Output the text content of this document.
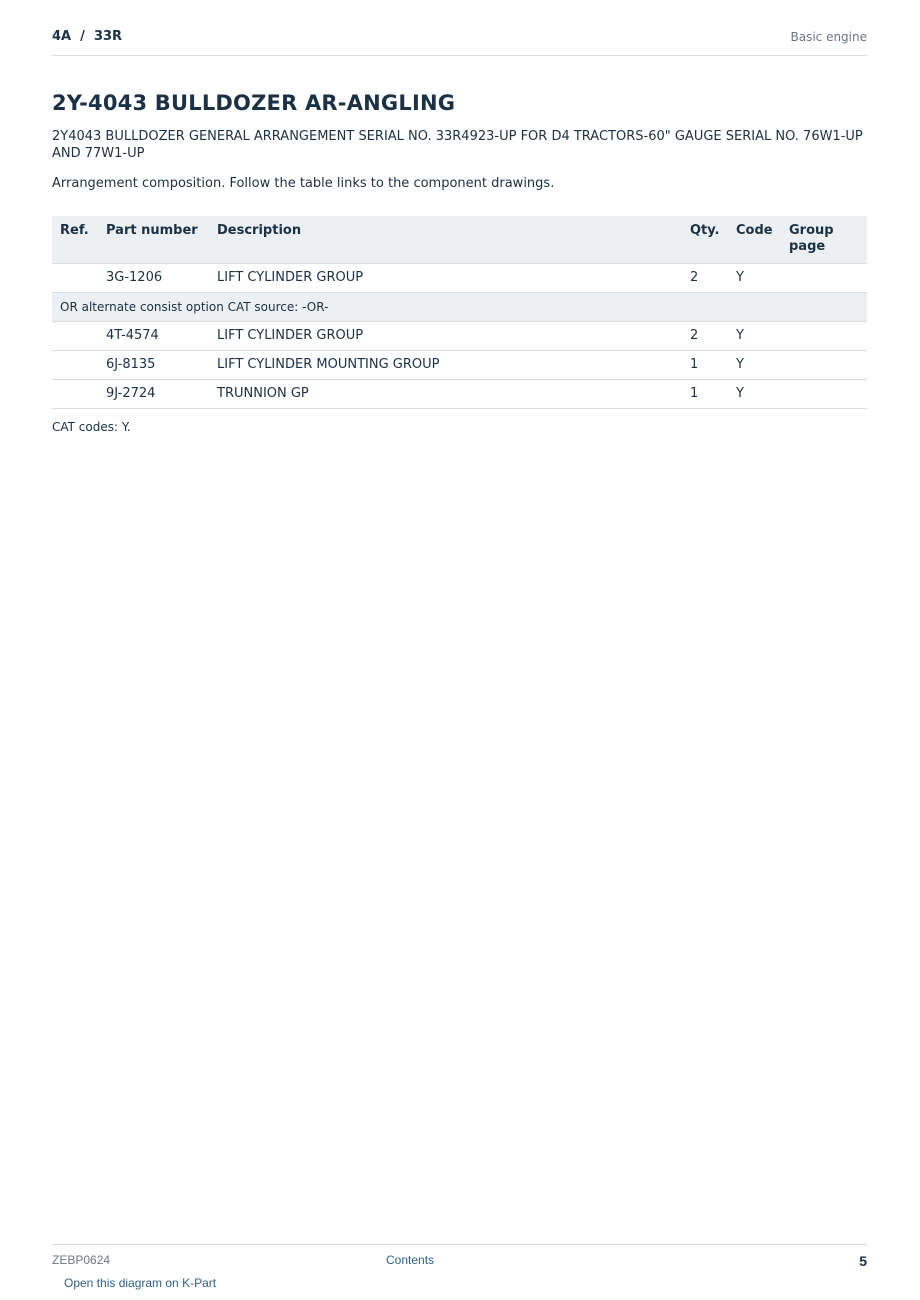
4A  /  33R	Basic engine
2Y-4043 BULLDOZER AR-ANGLING

2Y4043 BULLDOZER GENERAL ARRANGEMENT SERIAL NO. 33R4923-UP FOR D4 TRACTORS-60" GAUGE SERIAL NO. 76W1-UP AND 77W1-UP

Arrangement composition. Follow the table links to the component drawings.

Ref.	Part number	Description	Qty.	Code	Group page
	3G-1206	LIFT CYLINDER GROUP	2	Y	
OR alternate consist option CAT source: -OR-					
	4T-4574	LIFT CYLINDER GROUP	2	Y	
	6J-8135	LIFT CYLINDER MOUNTING GROUP	1	Y	
	9J-2724	TRUNNION GP	1	Y	

CAT codes: Y.

ZEBP0624	Contents	5
Open this diagram on K-Part
